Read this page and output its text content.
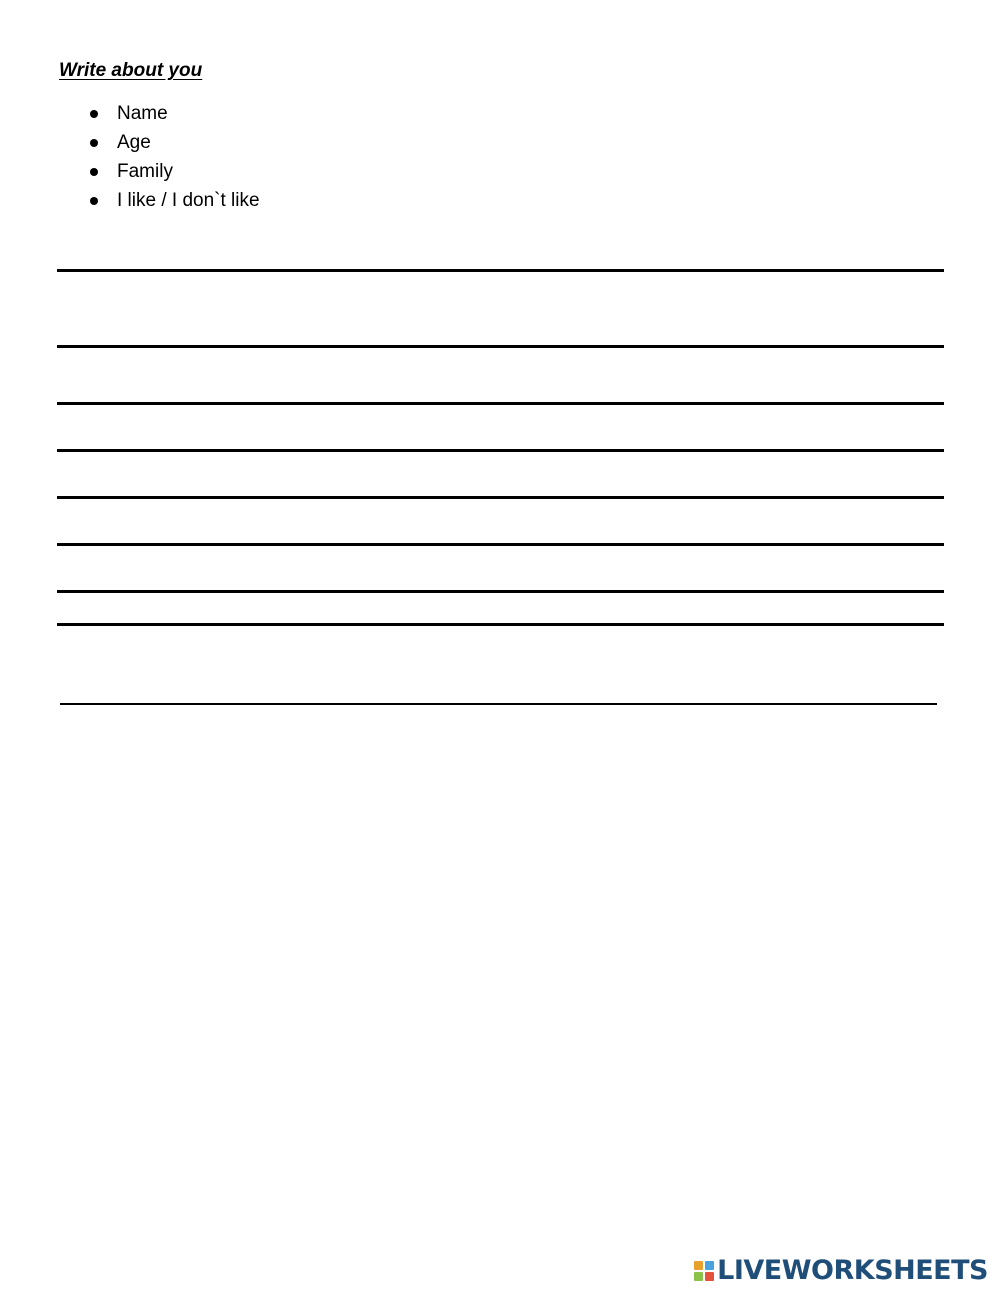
Write about you
Name
Age
Family
I like / I don`t like
LIVEWORKSHEETS
